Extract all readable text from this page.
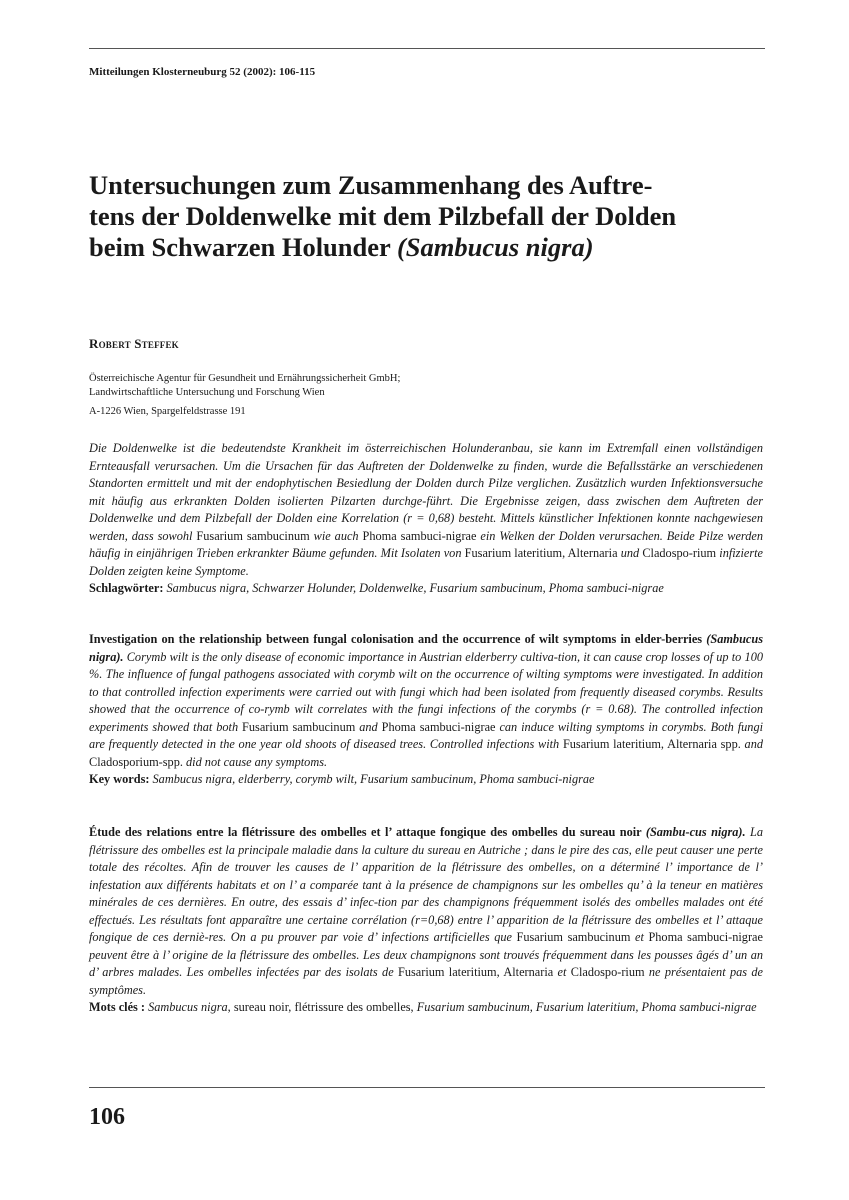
Mitteilungen Klosterneuburg 52 (2002): 106-115
Untersuchungen zum Zusammenhang des Auftre-
tens der Doldenwelke mit dem Pilzbefall der Dolden
beim Schwarzen Holunder (Sambucus nigra)
Robert Steffek
Österreichische Agentur für Gesundheit und Ernährungssicherheit GmbH;
Landwirtschaftliche Untersuchung und Forschung Wien
A-1226 Wien, Spargelfeldstrasse 191

Die Doldenwelke ist die bedeutendste Krankheit im österreichischen Holunderanbau, sie kann im Extremfall einen vollständigen Ernteausfall verursachen. Um die Ursachen für das Auftreten der Doldenwelke zu finden, wurde die Befallsstärke an verschiedenen Standorten ermittelt und mit der endophytischen Besiedlung der Dolden durch Pilze verglichen. Zusätzlich wurden Infektionsversuche mit häufig aus erkrankten Dolden isolierten Pilzarten durchge-führt. Die Ergebnisse zeigen, dass zwischen dem Auftreten der Doldenwelke und dem Pilzbefall der Dolden eine Korrelation (r = 0,68) besteht. Mittels künstlicher Infektionen konnte nachgewiesen werden, dass sowohl Fusarium sambucinum wie auch Phoma sambuci-nigrae ein Welken der Dolden verursachen. Beide Pilze werden häufig in einjährigen Trieben erkrankter Bäume gefunden. Mit Isolaten von Fusarium lateritium, Alternaria und Cladospo-rium infizierte Dolden zeigten keine Symptome.
Schlagwörter: Sambucus nigra, Schwarzer Holunder, Doldenwelke, Fusarium sambucinum, Phoma sambuci-nigrae

Investigation on the relationship between fungal colonisation and the occurrence of wilt symptoms in elder-berries (Sambucus nigra). Corymb wilt is the only disease of economic importance in Austrian elderberry cultiva-tion, it can cause crop losses of up to 100 %. The influence of fungal pathogens associated with corymb wilt on the occurrence of wilting symptoms were investigated. In addition to that controlled infection experiments were carried out with fungi which had been isolated from frequently diseased corymbs. Results showed that the occurrence of co-rymb wilt correlates with the fungi infections of the corymbs (r = 0.68). The controlled infection experiments showed that both Fusarium sambucinum and Phoma sambuci-nigrae can induce wilting symptoms in corymbs. Both fungi are frequently detected in the one year old shoots of diseased trees. Controlled infections with Fusarium lateritium, Alternaria spp. and Cladosporium-spp. did not cause any symptoms.
Key words: Sambucus nigra, elderberry, corymb wilt, Fusarium sambucinum, Phoma sambuci-nigrae

Étude des relations entre la flétrissure des ombelles et l’ attaque fongique des ombelles du sureau noir (Sambu-cus nigra). La flétrissure des ombelles est la principale maladie dans la culture du sureau en Autriche ; dans le pire des cas, elle peut causer une perte totale des récoltes. Afin de trouver les causes de l’ apparition de la flétrissure des ombelles, on a déterminé l’ importance de l’ infestation aux différents habitats et on l’ a comparée tant à la présence de champignons sur les ombelles qu’ à la teneur en matières minérales de ces dernières. En outre, des essais d’ infec-tion par des champignons fréquemment isolés des ombelles malades ont été effectués. Les résultats font apparaître une certaine corrélation (r=0,68) entre l’ apparition de la flétrissure des ombelles et l’ attaque fongique de ces derniè-res. On a pu prouver par voie d’ infections artificielles que Fusarium sambucinum et Phoma sambuci-nigrae peuvent être à l’ origine de la flétrissure des ombelles. Les deux champignons sont trouvés fréquemment dans les pousses âgés d’ un an d’ arbres malades. Les ombelles infectées par des isolats de Fusarium lateritium, Alternaria et Cladospo-rium ne présentaient pas de symptômes.
Mots clés : Sambucus nigra, sureau noir, flétrissure des ombelles, Fusarium sambucinum, Fusarium lateritium, Phoma sambuci-nigrae

106
